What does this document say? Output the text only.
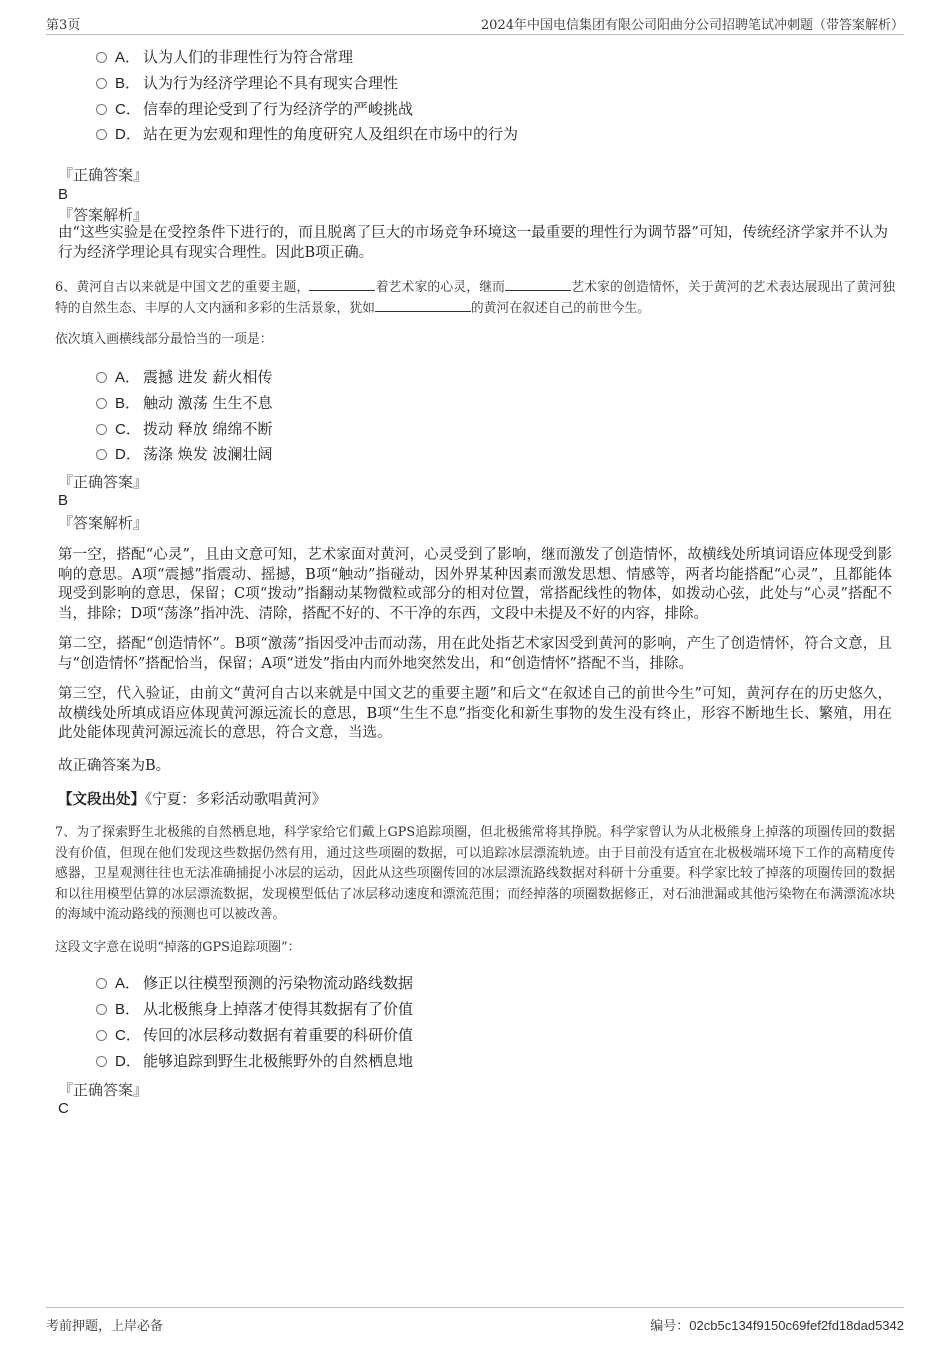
第3页	2024年中国电信集团有限公司阳曲分公司招聘笔试冲刺题（带答案解析）
A． 认为人们的非理性行为符合常理
B． 认为行为经济学理论不具有现实合理性
C． 信奉的理论受到了行为经济学的严峻挑战
D． 站在更为宏观和理性的角度研究人及组织在市场中的行为
『正确答案』
B
『答案解析』
由“这些实验是在受控条件下进行的，而且脱离了巨大的市场竞争环境这一最重要的理性行为调节器”可知，传统经济学家并不认为行为经济学理论具有现实合理性。因此B项正确。
6、黄河自古以来就是中国文艺的重要主题，	着艺术家的心灵，继而	艺术家的创造情怀，关于黄河的艺术表达展现出了黄河独特的自然生态、丰厚的人文内涵和多彩的生活景象，犹如	的黄河在叙述自己的前世今生。
依次填入画横线部分最恰当的一项是：
A． 震撼 进发 薪火相传
B． 触动 激荡 生生不息
C． 拨动 释放 绵绵不断
D． 荡涤 焕发 波澜壮阔
『正确答案』
B
『答案解析』
第一空，搭配“心灵”，且由文意可知，艺术家面对黄河，心灵受到了影响，继而激发了创造情怀，故横线处所填词语应体现受到影响的意思。A项“震撼”指震动、摇撼，B项“触动”指碰动，因外界某种因素而激发思想、情感等，两者均能搭配“心灵”，且都能体现受到影响的意思，保留；C项“拨动”指翻动某物微粒或部分的相对位置，常搭配线性的物体，如拨动心弦，此处与“心灵”搭配不当，排除；D项“荡涤”指冲洗、清除，搭配不好的、不干净的东西，文段中未提及不好的内容，排除。
第二空，搭配“创造情怀”。B项“激荡”指因受冲击而动荡，用在此处指艺术家因受到黄河的影响，产生了创造情怀，符合文意，且与“创造情怀”搭配恰当，保留；A项“迸发”指由内而外地突然发出，和“创造情怀”搭配不当，排除。
第三空，代入验证，由前文“黄河自古以来就是中国文艺的重要主题”和后文“在叙述自己的前世今生”可知，黄河存在的历史悠久，故横线处所填成语应体现黄河源远流长的意思，B项“生生不息”指变化和新生事物的发生没有终止，形容不断地生长、繁殖，用在此处能体现黄河源远流长的意思，符合文意，当选。
故正确答案为B。
【文段出处】《宁夏：多彩活动歌唱黄河》
7、为了探索野生北极熊的自然栖息地，科学家给它们戴上GPS追踪项圈，但北极熊常将其挣脱。科学家曾认为从北极熊身上掉落的项圈传回的数据没有价值，但现在他们发现这些数据仍然有用，通过这些项圈的数据，可以追踪冰层漂流轨迹。由于目前没有适宜在北极极端环境下工作的高精度传感器，卫星观测往往也无法准确捕捉小冰层的运动，因此从这些项圈传回的冰层漂流路线数据对科研十分重要。科学家比较了掉落的项圈传回的数据和以往用模型估算的冰层漂流数据，发现模型低估了冰层移动速度和漂流范围；而经掉落的项圈数据修正，对石油泄漏或其他污染物在布满漂流冰块的海域中流动路线的预测也可以被改善。
这段文字意在说明“掉落的GPS追踪项圈”：
A． 修正以往模型预测的污染物流动路线数据
B． 从北极熊身上掉落才使得其数据有了价值
C． 传回的冰层移动数据有着重要的科研价值
D． 能够追踪到野生北极熊野外的自然栖息地
『正确答案』
C
考前押题，上岸必备	编号：02cb5c134f9150c69fef2fd18dad5342
